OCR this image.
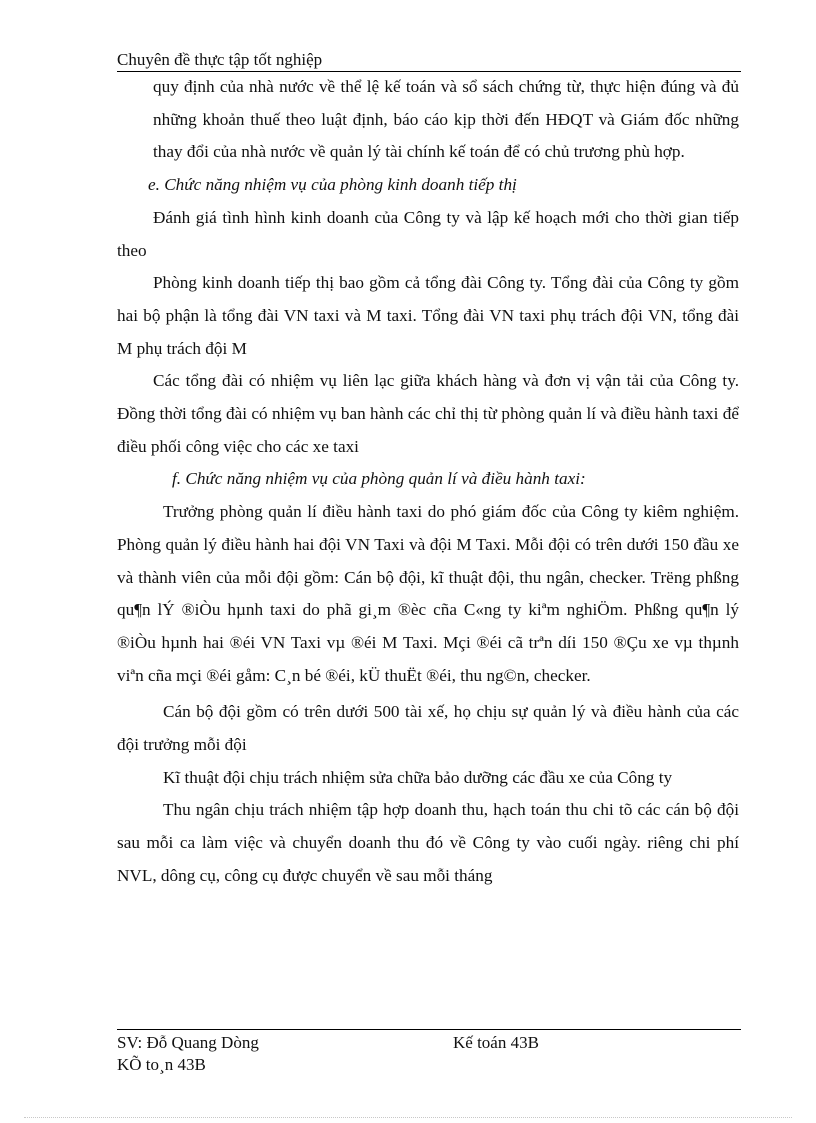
Chuyên đề thực tập tốt nghiệp

quy định của nhà nước về thể lệ kế toán và sổ sách chứng từ, thực hiện đúng và đủ những khoản thuế theo luật định, báo cáo kịp thời đến HĐQT và Giám đốc những thay đổi của nhà nước về quản lý tài chính kế toán để có chủ trương phù hợp.

e. Chức năng nhiệm vụ của phòng kinh doanh tiếp thị

Đánh giá tình hình kinh doanh của Công ty và lập kế hoạch mới cho thời gian tiếp theo

Phòng kinh doanh tiếp thị bao gồm cả tổng đài Công ty. Tổng đài của Công ty gồm hai bộ phận là tổng đài VN taxi và M taxi. Tổng đài VN taxi phụ trách đội VN, tổng đài M phụ trách đội M

Các tổng đài có nhiệm vụ liên lạc giữa khách hàng và đơn vị vận tải của Công ty. Đồng thời tổng đài có nhiệm vụ ban hành các chỉ thị từ phòng quản lí và điều hành taxi để điều phối công việc cho các xe taxi

f. Chức năng nhiệm vụ của phòng quản lí và điều hành taxi:

Trưởng phòng quản lí điều hành taxi do phó giám đốc của Công ty kiêm nghiệm. Phòng quản lý điều hành hai đội VN Taxi và đội M Taxi. Mỗi đội có trên dưới 150 đầu xe và thành viên của mỗi đội gồm: Cán bộ đội, kĩ thuật đội, thu ngân, checker. Trëng phßng qu¶n lÝ ®iÒu hµnh taxi do phã gi¸m ®èc cña C«ng ty kiªm nghiÖm. Phßng qu¶n lý ®iÒu hµnh hai ®éi VN Taxi vµ ®éi M Taxi. Mçi ®éi cã trªn díi 150 ®Çu xe vµ thµnh viªn cña mçi ®éi gåm: C¸n bé ®éi, kÜ thuËt ®éi, thu ng©n, checker.

Cán bộ đội gồm có trên dưới 500 tài xế, họ chịu sự quản lý và điều hành của các đội trưởng mỗi đội

Kĩ thuật đội chịu trách nhiệm sửa chữa bảo dưỡng các đầu xe của Công ty

Thu ngân chịu trách nhiệm tập hợp doanh thu, hạch toán thu chi tõ các cán bộ đội sau mỗi ca làm việc và chuyển doanh thu đó về Công ty vào cuối ngày. riêng chi phí NVL, dông cụ, công cụ được chuyển về sau mỗi tháng

SV: Đỗ Quang Dòng	Kế toán 43B
KÕ to¸n 43B
